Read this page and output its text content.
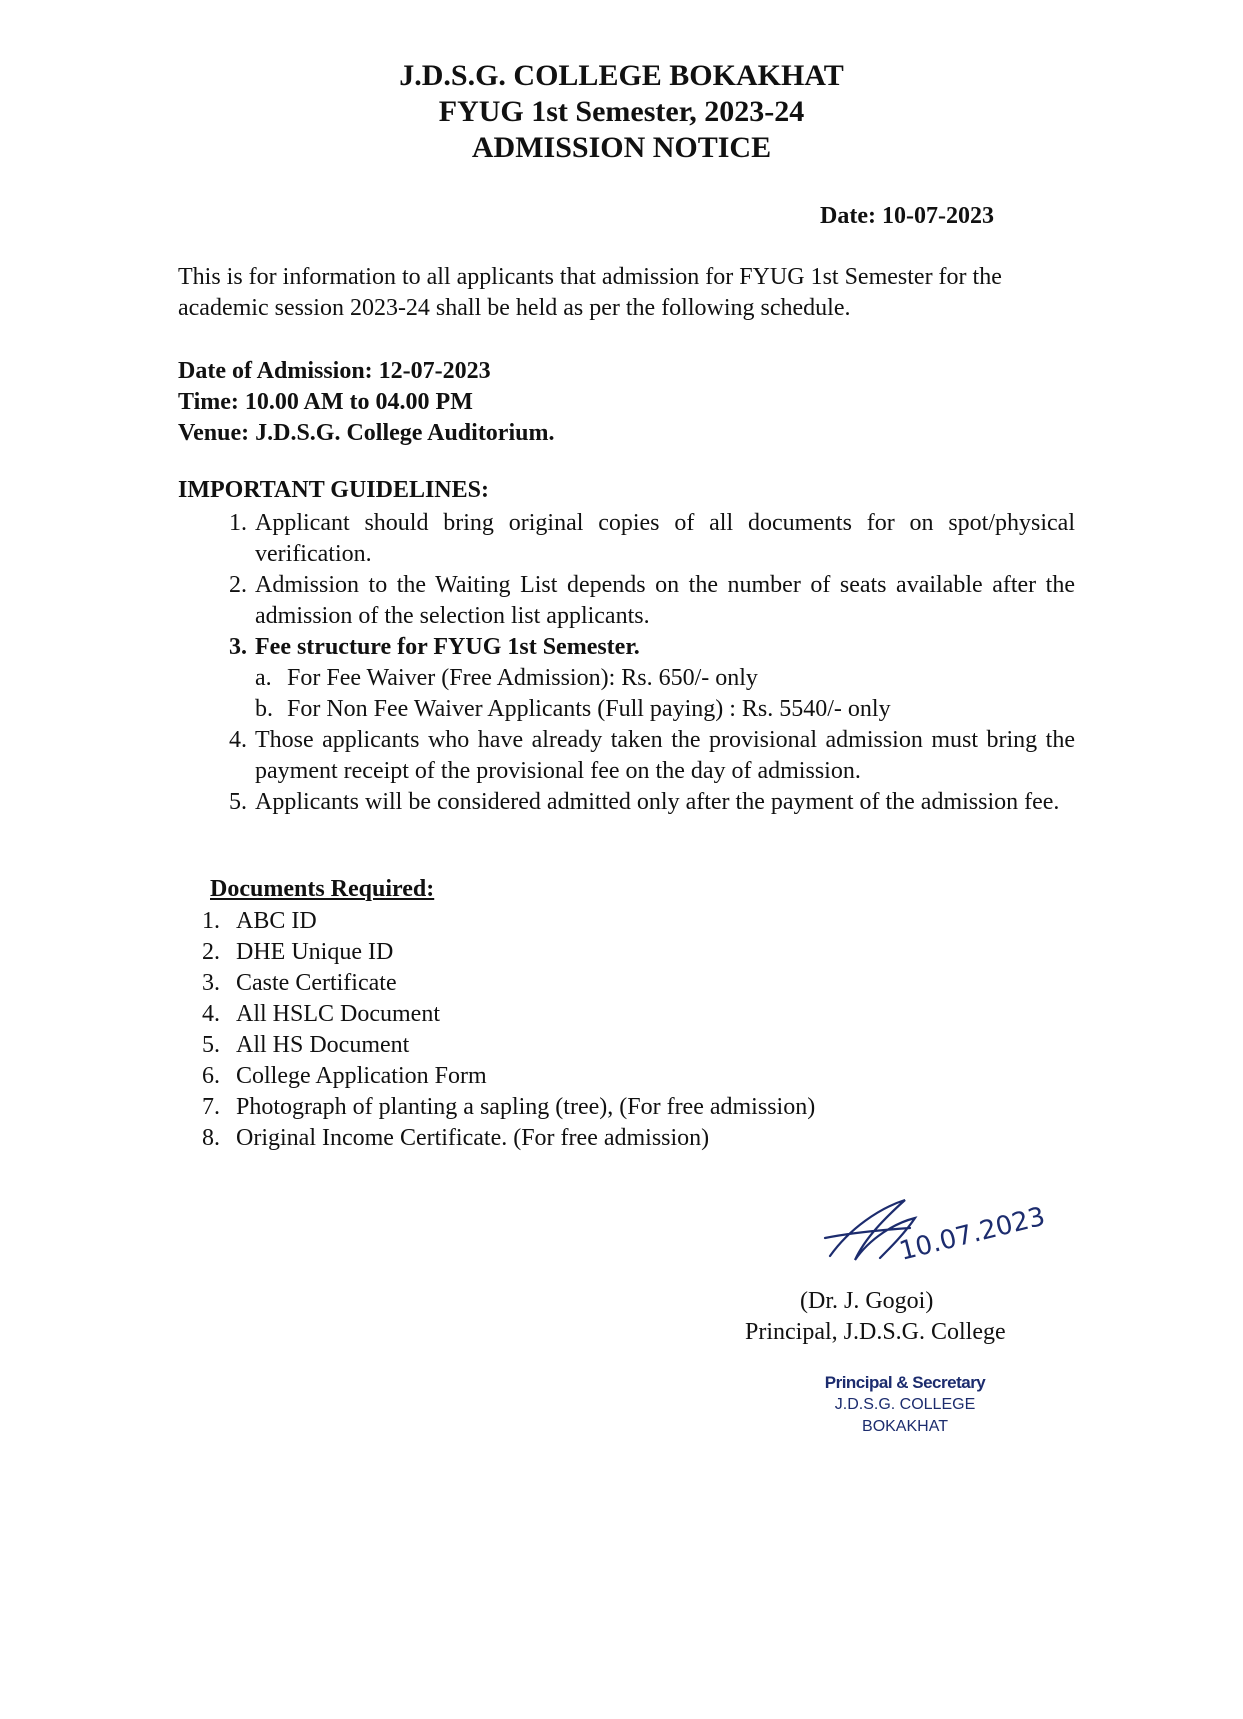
J.D.S.G. COLLEGE BOKAKHAT
FYUG 1st Semester, 2023-24
ADMISSION NOTICE
Date: 10-07-2023
This is for information to all applicants that admission for FYUG 1st Semester for the academic session 2023-24 shall be held as per the following schedule.
Date of Admission: 12-07-2023
Time: 10.00 AM to 04.00 PM
Venue: J.D.S.G. College Auditorium.
IMPORTANT GUIDELINES:
1. Applicant should bring original copies of all documents for on spot/physical verification.
2. Admission to the Waiting List depends on the number of seats available after the admission of the selection list applicants.
3. Fee structure for FYUG 1st Semester.
a. For Fee Waiver (Free Admission): Rs. 650/- only
b. For Non Fee Waiver Applicants (Full paying) : Rs. 5540/- only
4. Those applicants who have already taken the provisional admission must bring the payment receipt of the provisional fee on the day of admission.
5. Applicants will be considered admitted only after the payment of the admission fee.
Documents Required:
1. ABC ID
2. DHE Unique ID
3. Caste Certificate
4. All HSLC Document
5. All HS Document
6. College Application Form
7. Photograph of planting a sapling (tree), (For free admission)
8. Original Income Certificate. (For free admission)
10.07.2023
(Dr. J. Gogoi)
Principal, J.D.S.G. College
Principal & Secretary
J.D.S.G. COLLEGE
BOKAKHAT
